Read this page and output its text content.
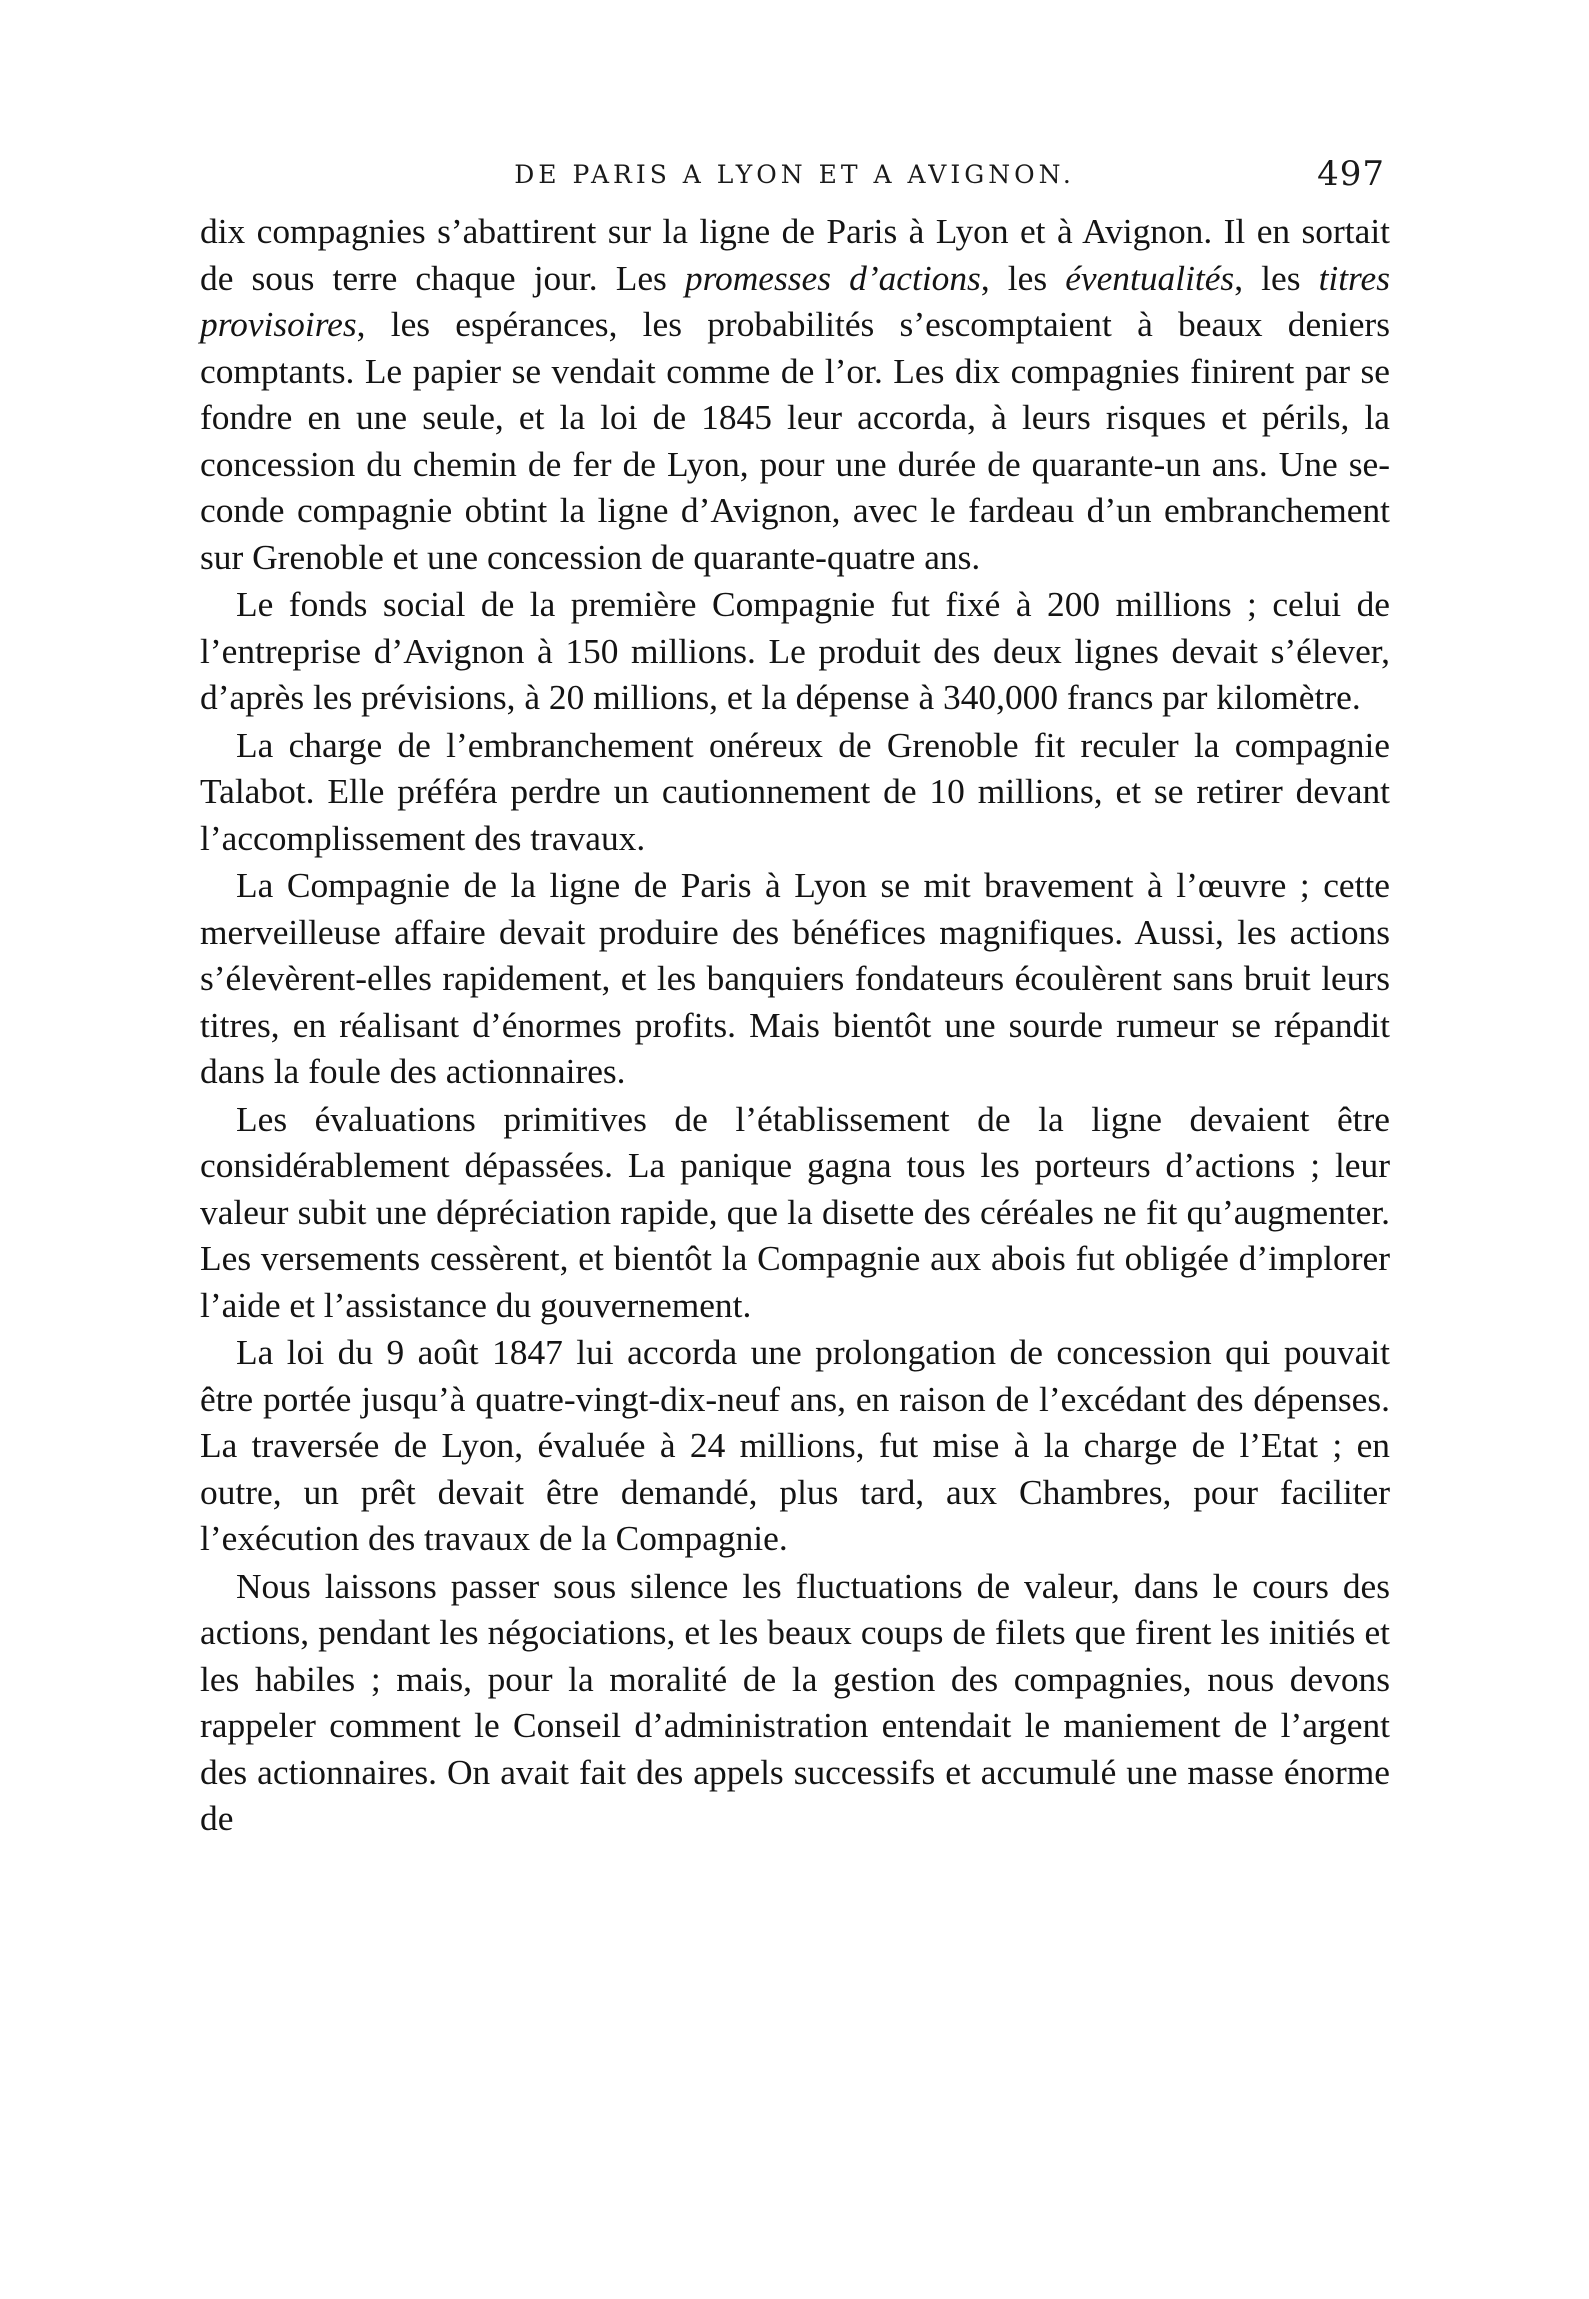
DE PARIS A LYON ET A AVIGNON.	497

dix compagnies s’abattirent sur la ligne de Paris à Lyon et à Avignon. Il en sortait de sous terre chaque jour. Les promesses d’actions, les éventualités, les titres provisoires, les espérances, les probabilités s’escomptaient à beaux deniers comptants. Le papier se vendait comme de l’or. Les dix compagnies finirent par se fondre en une seule, et la loi de 1845 leur accorda, à leurs risques et périls, la concession du chemin de fer de Lyon, pour une durée de quarante-un ans. Une seconde compagnie obtint la ligne d’Avignon, avec le fardeau d’un embranchement sur Grenoble et une concession de quarante-quatre ans.

Le fonds social de la première Compagnie fut fixé à 200 millions ; celui de l’entreprise d’Avignon à 150 millions. Le produit des deux lignes devait s’élever, d’après les prévisions, à 20 millions, et la dépense à 340,000 francs par kilomètre.

La charge de l’embranchement onéreux de Grenoble fit reculer la compagnie Talabot. Elle préféra perdre un cautionnement de 10 millions, et se retirer devant l’accomplissement des travaux.

La Compagnie de la ligne de Paris à Lyon se mit bravement à l’œuvre ; cette merveilleuse affaire devait produire des bénéfices magnifiques. Aussi, les actions s’élevèrent-elles rapidement, et les banquiers fondateurs écoulèrent sans bruit leurs titres, en réalisant d’énormes profits. Mais bientôt une sourde rumeur se répandit dans la foule des actionnaires.

Les évaluations primitives de l’établissement de la ligne devaient être considérablement dépassées. La panique gagna tous les porteurs d’actions ; leur valeur subit une dépréciation rapide, que la disette des céréales ne fit qu’augmenter. Les versements cessèrent, et bientôt la Compagnie aux abois fut obligée d’implorer l’aide et l’assistance du gouvernement.

La loi du 9 août 1847 lui accorda une prolongation de concession qui pouvait être portée jusqu’à quatre-vingt-dix-neuf ans, en raison de l’excédant des dépenses. La traversée de Lyon, évaluée à 24 millions, fut mise à la charge de l’Etat ; en outre, un prêt devait être demandé, plus tard, aux Chambres, pour faciliter l’exécution des travaux de la Compagnie.

Nous laissons passer sous silence les fluctuations de valeur, dans le cours des actions, pendant les négociations, et les beaux coups de filets que firent les initiés et les habiles ; mais, pour la moralité de la gestion des compagnies, nous devons rappeler comment le Conseil d’administration entendait le maniement de l’argent des actionnaires. On avait fait des appels successifs et accumulé une masse énorme de
